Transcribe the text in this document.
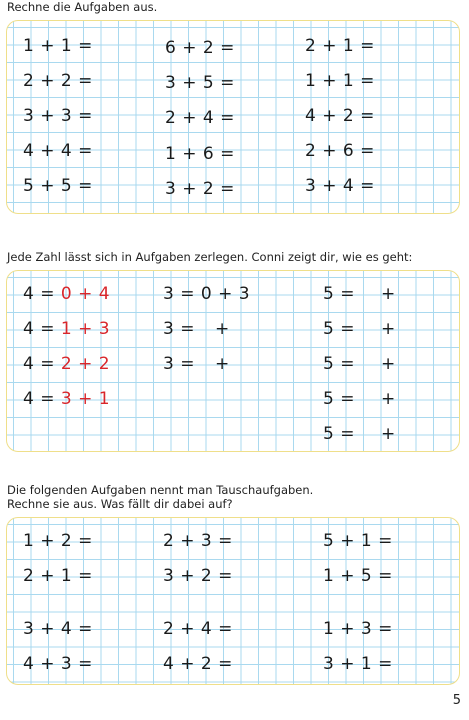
Rechne die Aufgaben aus.
1 + 1 =
2 + 2 =
3 + 3 =
4 + 4 =
5 + 5 =
6 + 2 =
3 + 5 =
2 + 4 =
1 + 6 =
3 + 2 =
2 + 1 =
1 + 1 =
4 + 2 =
2 + 6 =
3 + 4 =
Jede Zahl lässt sich in Aufgaben zerlegen. Conni zeigt dir, wie es geht:
4 = 0 + 4
4 = 1 + 3
4 = 2 + 2
4 = 3 + 1
3 = 0 + 3
3 = +
3 = +
5 = +
5 = +
5 = +
5 = +
5 = +
Die folgenden Aufgaben nennt man Tauschaufgaben.
Rechne sie aus. Was fällt dir dabei auf?
1 + 2 =
2 + 1 =
3 + 4 =
4 + 3 =
2 + 3 =
3 + 2 =
2 + 4 =
4 + 2 =
5 + 1 =
1 + 5 =
1 + 3 =
3 + 1 =
5
